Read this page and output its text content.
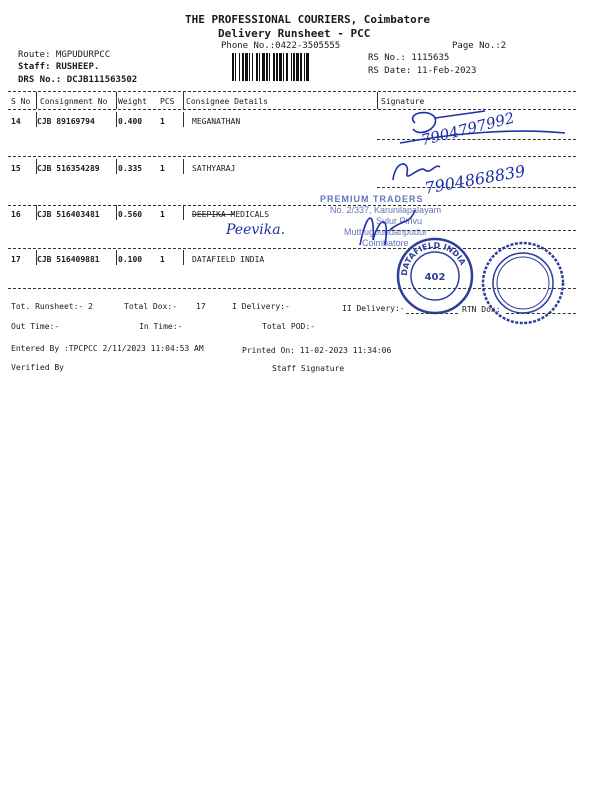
THE PROFESSIONAL COURIERS, Coimbatore
Delivery Runsheet - PCC
Phone No.:0422-3505555	Page No.:2
Route: MGPUDURPCC
Staff: RUSHEEP.
DRS No.: DCJB111563502
RS No.: 1115635
RS Date: 11-Feb-2023
S No Consignment No Weight PCS Consignee Details	Signature
14 CJB 89169794	0.400 1	MEGANATHAN
15 CJB 516354289 0.335 1	SATHYARAJ
16 CJB 516403481 0.560 1	DEEPIKA MEDICALS
17 CJB 516409881 0.100 1	DATAFIELD INDIA
7904797992
7904868839
Peevika.
PREMIUM TRADERS
No. 2/337, Karunilapalayam
Sulur Pirivu
Muthugoundanpudur
Coimbatore
DATAFIELD INDIA
402
Tot. Runsheet:- 2	Total Dox:- 17	I Delivery:-	II Delivery:-	RTN Dox:
Out Time:-	In Time:-	Total POD:-
Entered By :TPCPCC 2/11/2023 11:04:53 AM	Printed On: 11-02-2023 11:34:06
Verified By	Staff Signature
